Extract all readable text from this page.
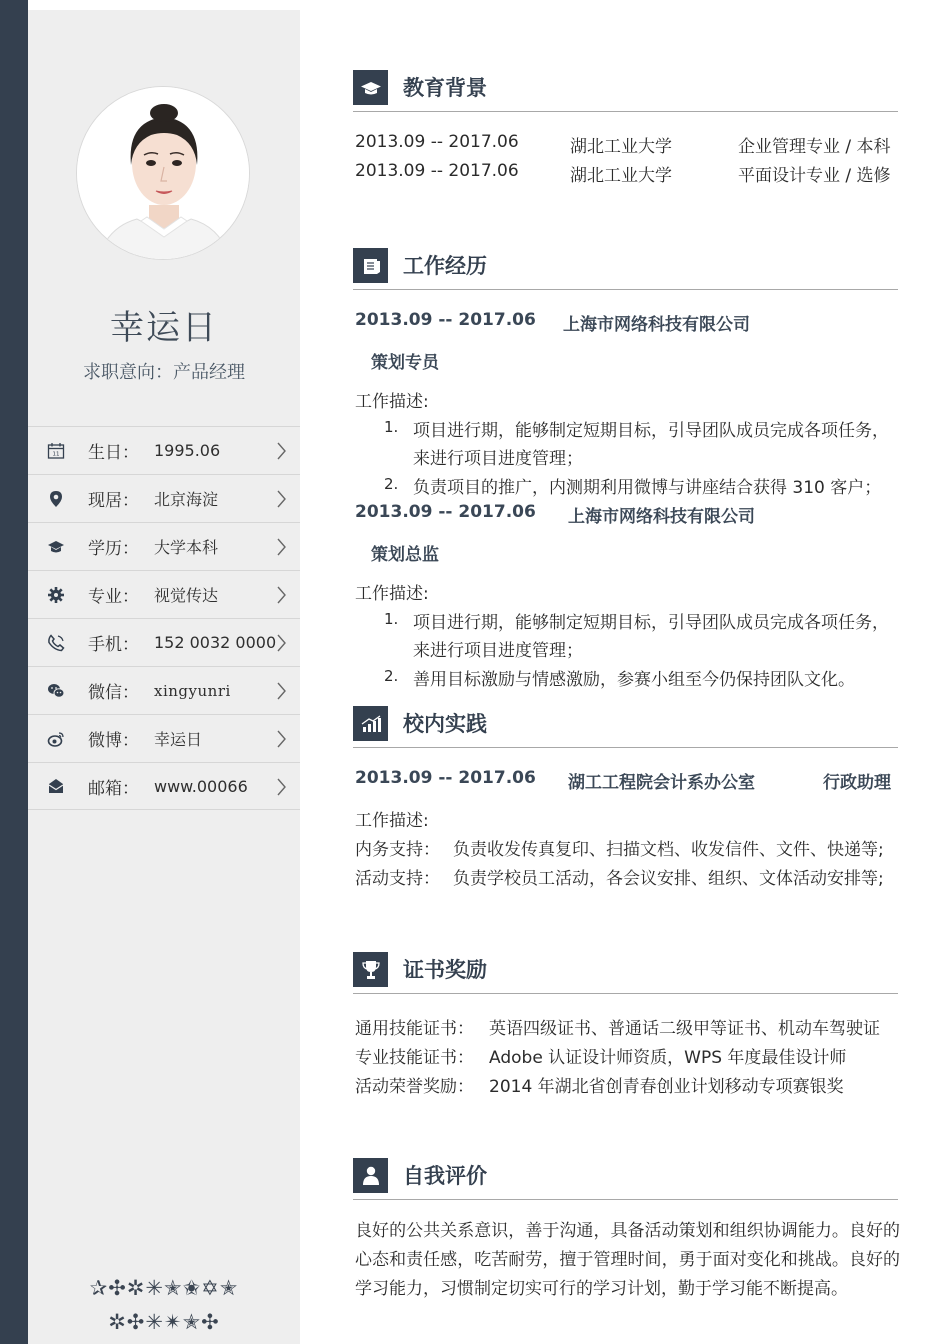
幸运日
求职意向：产品经理
11 生日： 1995.06
现居： 北京海淀
学历： 大学本科
专业： 视觉传达
手机： 152 0032 0000
微信：	xingyunri
微博： 幸运日
邮箱： www.00066
✰✣✲✳✭✬✡✭
✲✣✳✴✭✣
教育背景
2013.09 -- 2017.06	湖北工业大学	企业管理专业 / 本科
2013.09 -- 2017.06	湖北工业大学	平面设计专业 / 选修
工作经历
2013.09 -- 2017.06 上海市网络科技有限公司
策划专员
工作描述:
1. 项目进行期，能够制定短期目标，引导团队成员完成各项任务，
来进行项目进度管理；
2. 负责项目的推广，内测期利用微博与讲座结合获得 310 客户；
2013.09 -- 2017.06 上海市网络科技有限公司
策划总监
工作描述:
1. 项目进行期，能够制定短期目标，引导团队成员完成各项任务，
来进行项目进度管理；
2. 善用目标激励与情感激励，参赛小组至今仍保持团队文化。
校内实践
2013.09 -- 2017.06 湖工工程院会计系办公室	行政助理
工作描述:
内务支持： 负责收发传真复印、扫描文档、收发信件、文件、快递等;
活动支持： 负责学校员工活动，各会议安排、组织、文体活动安排等;
证书奖励
通用技能证书： 英语四级证书、普通话二级甲等证书、机动车驾驶证
专业技能证书： Adobe 认证设计师资质，WPS 年度最佳设计师
活动荣誉奖励： 2014 年湖北省创青春创业计划移动专项赛银奖
自我评价
良好的公共关系意识，善于沟通，具备活动策划和组织协调能力。良好的心态和责任感，吃苦耐劳，擅于管理时间，勇于面对变化和挑战。良好的学习能力，习惯制定切实可行的学习计划，勤于学习能不断提高。
